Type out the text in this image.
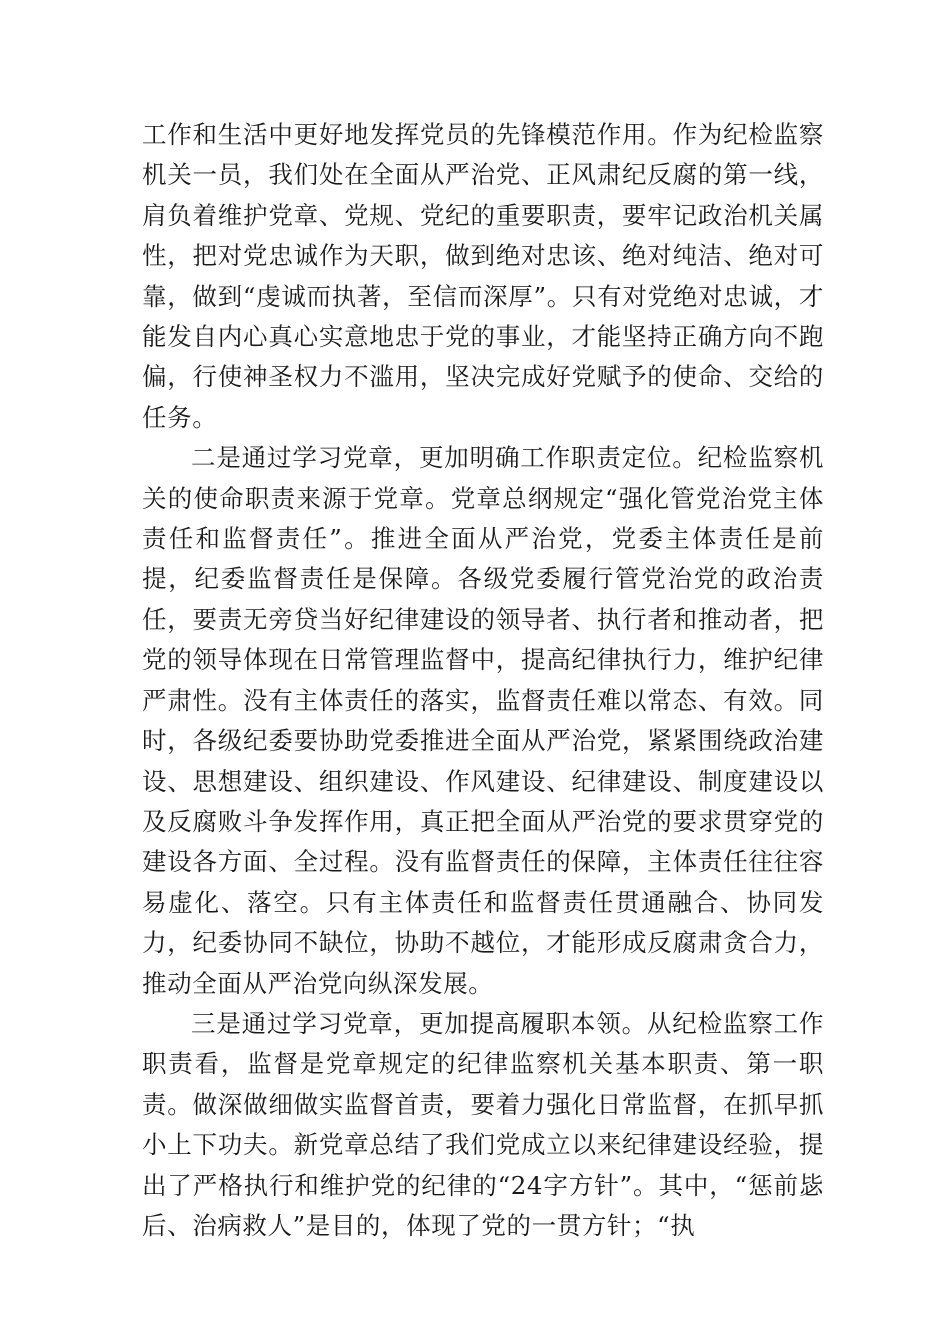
工作和生活中更好地发挥党员的先锋模范作用。作为纪检监察机关一员，我们处在全面从严治党、正风肃纪反腐的第一线，肩负着维护党章、党规、党纪的重要职责，要牢记政治机关属性，把对党忠诚作为天职，做到绝对忠该、绝对纯洁、绝对可靠，做到“虔诚而执著，至信而深厚”。只有对党绝对忠诚，才能发自内心真心实意地忠于党的事业，才能坚持正确方向不跑偏，行使神圣权力不滥用，坚决完成好党赋予的使命、交给的任务。

二是通过学习党章，更加明确工作职责定位。纪检监察机关的使命职责来源于党章。党章总纲规定“强化管党治党主体责任和监督责任”。推进全面从严治党，党委主体责任是前提，纪委监督责任是保障。各级党委履行管党治党的政治责任，要责无旁贷当好纪律建设的领导者、执行者和推动者，把党的领导体现在日常管理监督中，提高纪律执行力，维护纪律严肃性。没有主体责任的落实，监督责任难以常态、有效。同时，各级纪委要协助党委推进全面从严治党，紧紧围绕政治建设、思想建设、组织建设、作风建设、纪律建设、制度建设以及反腐败斗争发挥作用，真正把全面从严治党的要求贯穿党的建设各方面、全过程。没有监督责任的保障，主体责任往往容易虚化、落空。只有主体责任和监督责任贯通融合、协同发力，纪委协同不缺位，协助不越位，才能形成反腐肃贪合力，推动全面从严治党向纵深发展。

三是通过学习党章，更加提高履职本领。从纪检监察工作职责看，监督是党章规定的纪律监察机关基本职责、第一职责。做深做细做实监督首责，要着力强化日常监督，在抓早抓小上下功夫。新党章总结了我们党成立以来纪律建设经验，提出了严格执行和维护党的纪律的“24字方针”。其中，“惩前毖后、治病救人”是目的，体现了党的一贯方针；“执
